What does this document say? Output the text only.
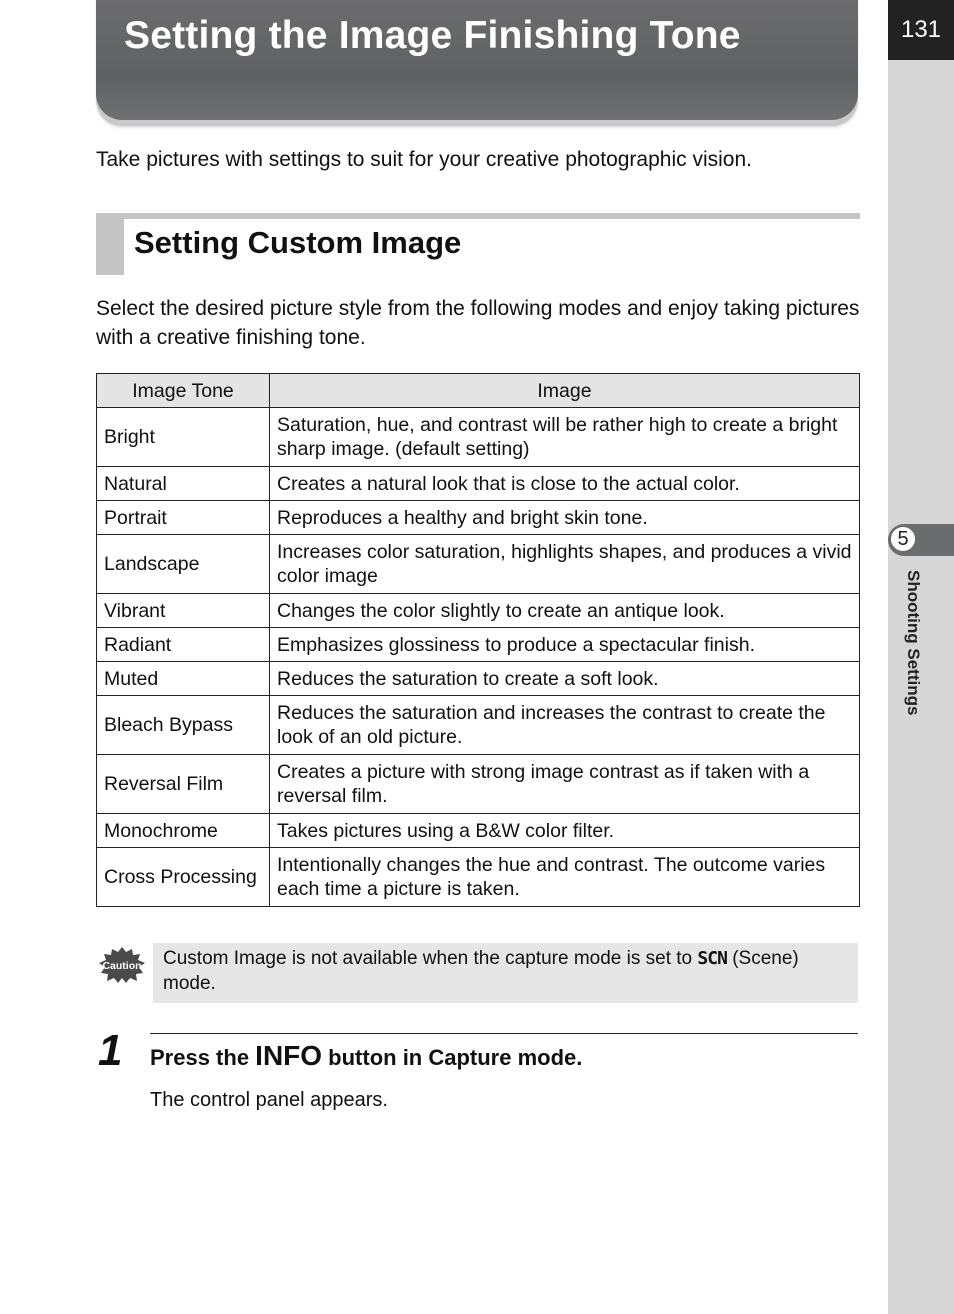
Setting the Image Finishing Tone	131
5
Shooting Settings

Take pictures with settings to suit for your creative photographic vision.

Setting Custom Image

Select the desired picture style from the following modes and enjoy taking pictures with a creative finishing tone.

Image Tone	Image
Bright	Saturation, hue, and contrast will be rather high to create a bright sharp image. (default setting)
Natural	Creates a natural look that is close to the actual color.
Portrait	Reproduces a healthy and bright skin tone.
Landscape	Increases color saturation, highlights shapes, and produces a vivid color image
Vibrant	Changes the color slightly to create an antique look.
Radiant	Emphasizes glossiness to produce a spectacular finish.
Muted	Reduces the saturation to create a soft look.
Bleach Bypass	Reduces the saturation and increases the contrast to create the look of an old picture.
Reversal Film	Creates a picture with strong image contrast as if taken with a reversal film.
Monochrome	Takes pictures using a B&W color filter.
Cross Processing	Intentionally changes the hue and contrast. The outcome varies each time a picture is taken.
Caution	Custom Image is not available when the capture mode is set to SCN (Scene) mode.
1 Press the INFO button in Capture mode.

The control panel appears.
